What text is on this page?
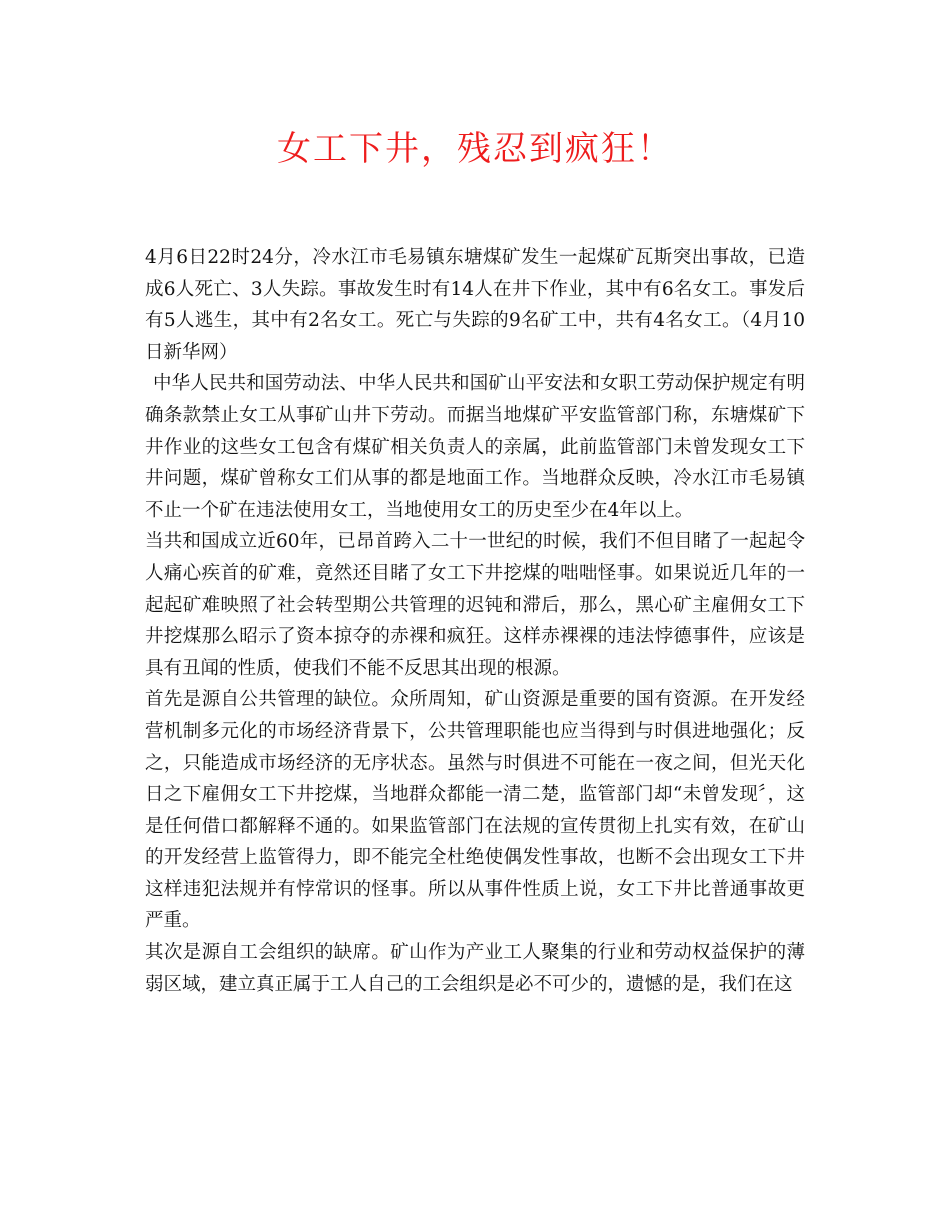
女工下井，残忍到疯狂！

4月6日22时24分，冷水江市毛易镇东塘煤矿发生一起煤矿瓦斯突出事故，已造成6人死亡、3人失踪。事故发生时有14人在井下作业，其中有6名女工。事发后有5人逃生，其中有2名女工。死亡与失踪的9名矿工中，共有4名女工。（4月10日新华网）

中华人民共和国劳动法、中华人民共和国矿山平安法和女职工劳动保护规定有明确条款禁止女工从事矿山井下劳动。而据当地煤矿平安监管部门称，东塘煤矿下井作业的这些女工包含有煤矿相关负责人的亲属，此前监管部门未曾发现女工下井问题，煤矿曾称女工们从事的都是地面工作。当地群众反映，冷水江市毛易镇不止一个矿在违法使用女工，当地使用女工的历史至少在4年以上。

当共和国成立近60年，已昂首跨入二十一世纪的时候，我们不但目睹了一起起令人痛心疾首的矿难，竟然还目睹了女工下井挖煤的咄咄怪事。如果说近几年的一起起矿难映照了社会转型期公共管理的迟钝和滞后，那么，黑心矿主雇佣女工下井挖煤那么昭示了资本掠夺的赤裸和疯狂。这样赤裸裸的违法悖德事件，应该是具有丑闻的性质，使我们不能不反思其出现的根源。

首先是源自公共管理的缺位。众所周知，矿山资源是重要的国有资源。在开发经营机制多元化的市场经济背景下，公共管理职能也应当得到与时俱进地强化；反之，只能造成市场经济的无序状态。虽然与时俱进不可能在一夜之间，但光天化日之下雇佣女工下井挖煤，当地群众都能一清二楚，监管部门却“未曾发现〞，这是任何借口都解释不通的。如果监管部门在法规的宣传贯彻上扎实有效，在矿山的开发经营上监管得力，即不能完全杜绝使偶发性事故，也断不会出现女工下井这样违犯法规并有悖常识的怪事。所以从事件性质上说，女工下井比普通事故更严重。

其次是源自工会组织的缺席。矿山作为产业工人聚集的行业和劳动权益保护的薄弱区域，建立真正属于工人自己的工会组织是必不可少的，遗憾的是，我们在这
